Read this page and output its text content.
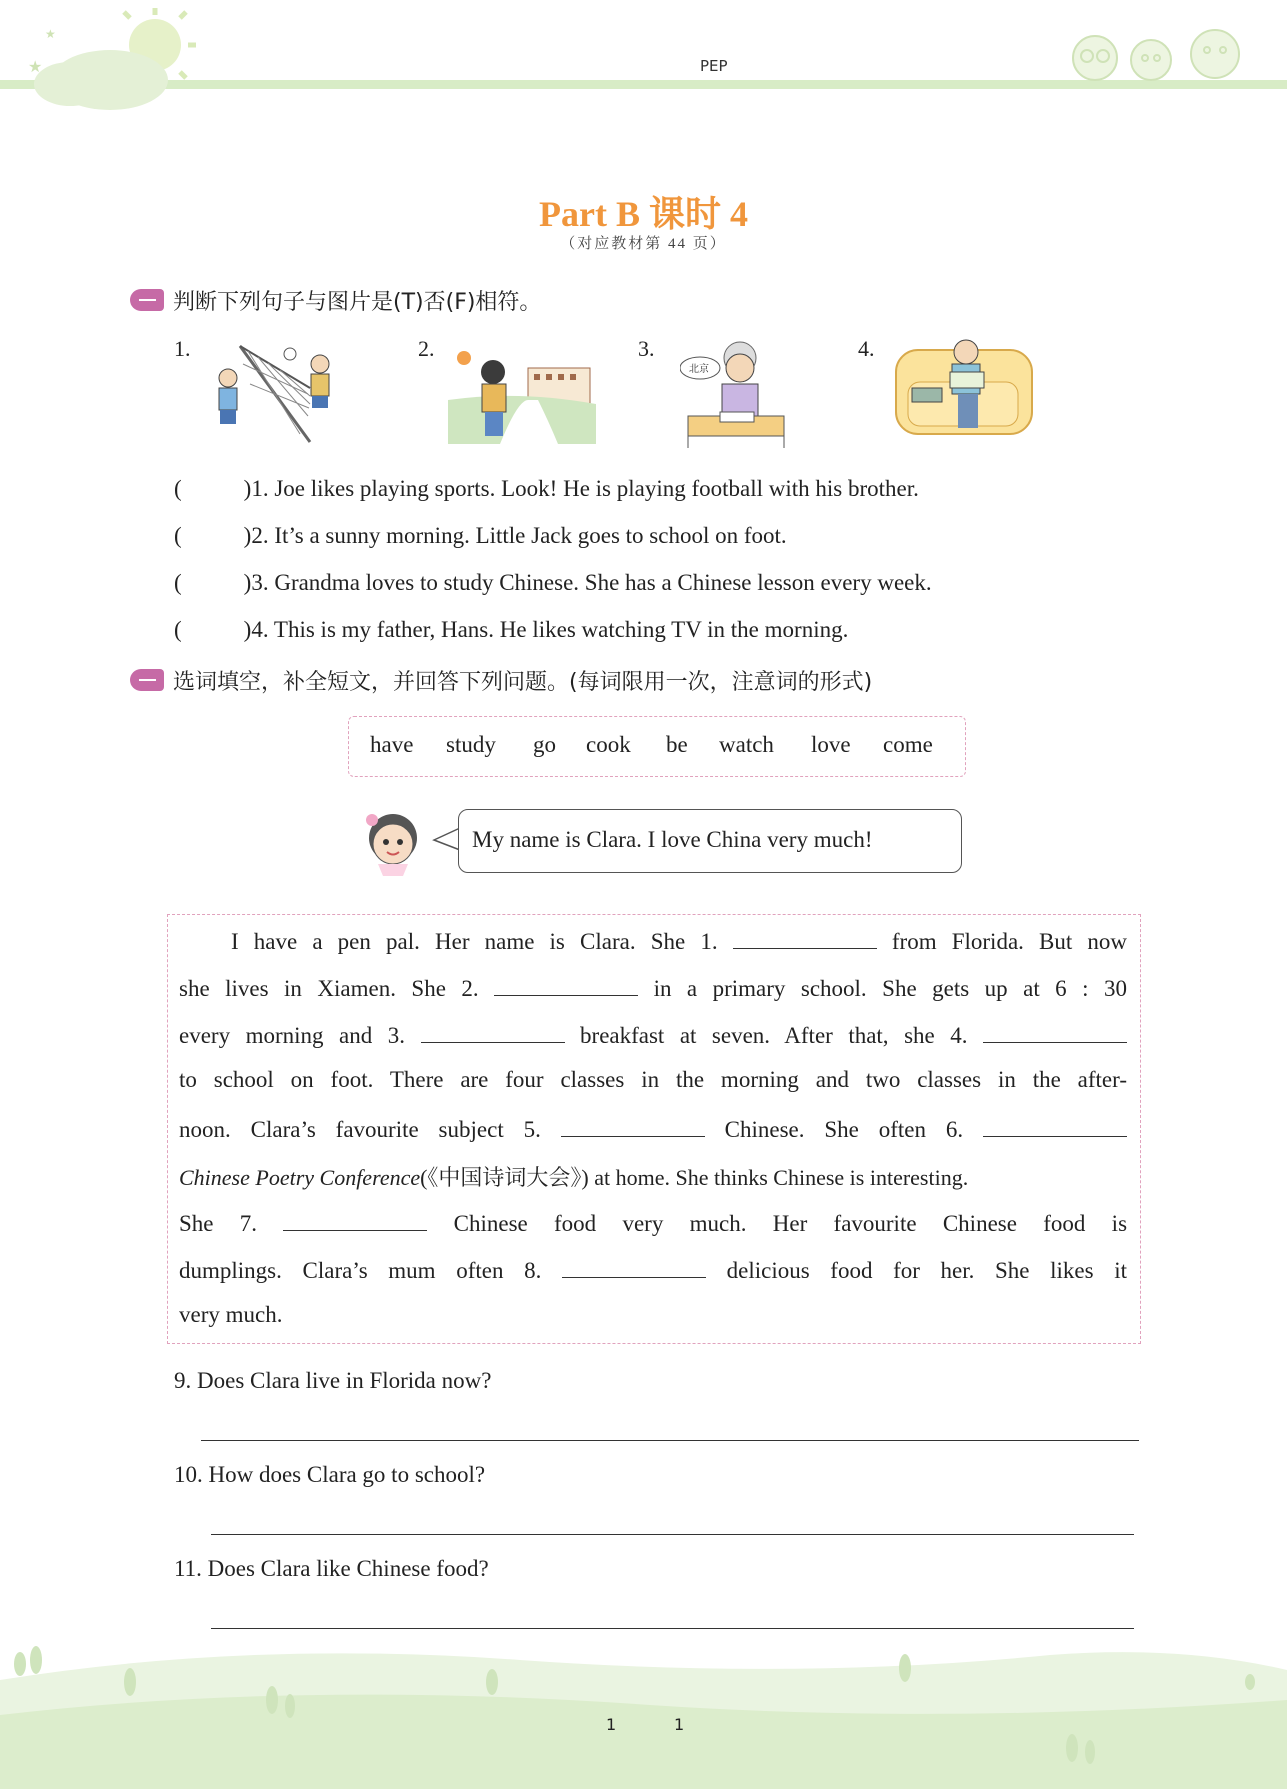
★
★
PEP
Part B 课时 4
（对应教材第 44 页）
判断下列句子与图片是(T)否(F)相符。
1.	2.	3.	4.
北京
(	)1. Joe likes playing sports. Look! He is playing football with his brother.
(	)2. It’s a sunny morning. Little Jack goes to school on foot.
(	)3. Grandma loves to study Chinese. She has a Chinese lesson every week.
(	)4. This is my father, Hans. He likes watching TV in the morning.
选词填空，补全短文，并回答下列问题。(每词限用一次，注意词的形式)
have study go cook be watch love come
My name is Clara. I love China very much!
I have a pen pal. Her name is Clara. She 1.	from Florida. But now
she lives in Xiamen. She 2.	in a primary school. She gets up at 6 : 30
every morning and 3.	breakfast at seven. After that, she 4.
to school on foot. There are four classes in the morning and two classes in the after-
noon. Clara’s favourite subject 5.	Chinese. She often 6.
Chinese Poetry Conference(《中国诗词大会》) at home. She thinks Chinese is interesting.
She 7.	Chinese food very much. Her favourite Chinese food is
dumplings. Clara’s mum often 8.	delicious food for her. She likes it
very much.
9. Does Clara live in Florida now?
10. How does Clara go to school?
11. Does Clara like Chinese food?
1	1
